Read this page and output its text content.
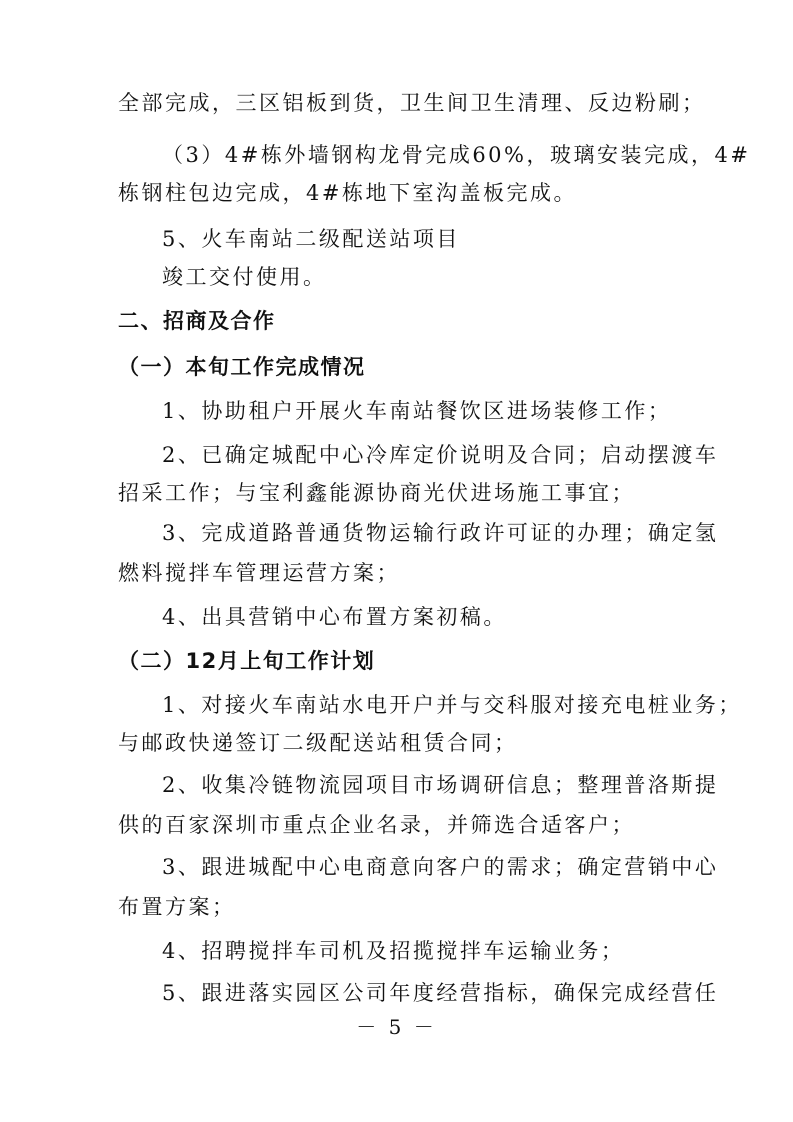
全部完成，三区铝板到货，卫生间卫生清理、反边粉刷；
（3）4#栋外墙钢构龙骨完成60%，玻璃安装完成，4#
栋钢柱包边完成，4#栋地下室沟盖板完成。
5、火车南站二级配送站项目
竣工交付使用。
二、招商及合作
（一）本旬工作完成情况
1、协助租户开展火车南站餐饮区进场装修工作；
2、已确定城配中心冷库定价说明及合同；启动摆渡车
招采工作；与宝利鑫能源协商光伏进场施工事宜；
3、完成道路普通货物运输行政许可证的办理；确定氢
燃料搅拌车管理运营方案；
4、出具营销中心布置方案初稿。
（二）12月上旬工作计划
1、对接火车南站水电开户并与交科服对接充电桩业务；
与邮政快递签订二级配送站租赁合同；
2、收集冷链物流园项目市场调研信息；整理普洛斯提
供的百家深圳市重点企业名录，并筛选合适客户；
3、跟进城配中心电商意向客户的需求；确定营销中心
布置方案；
4、招聘搅拌车司机及招揽搅拌车运输业务；
5、跟进落实园区公司年度经营指标，确保完成经营任
－ 5 －
